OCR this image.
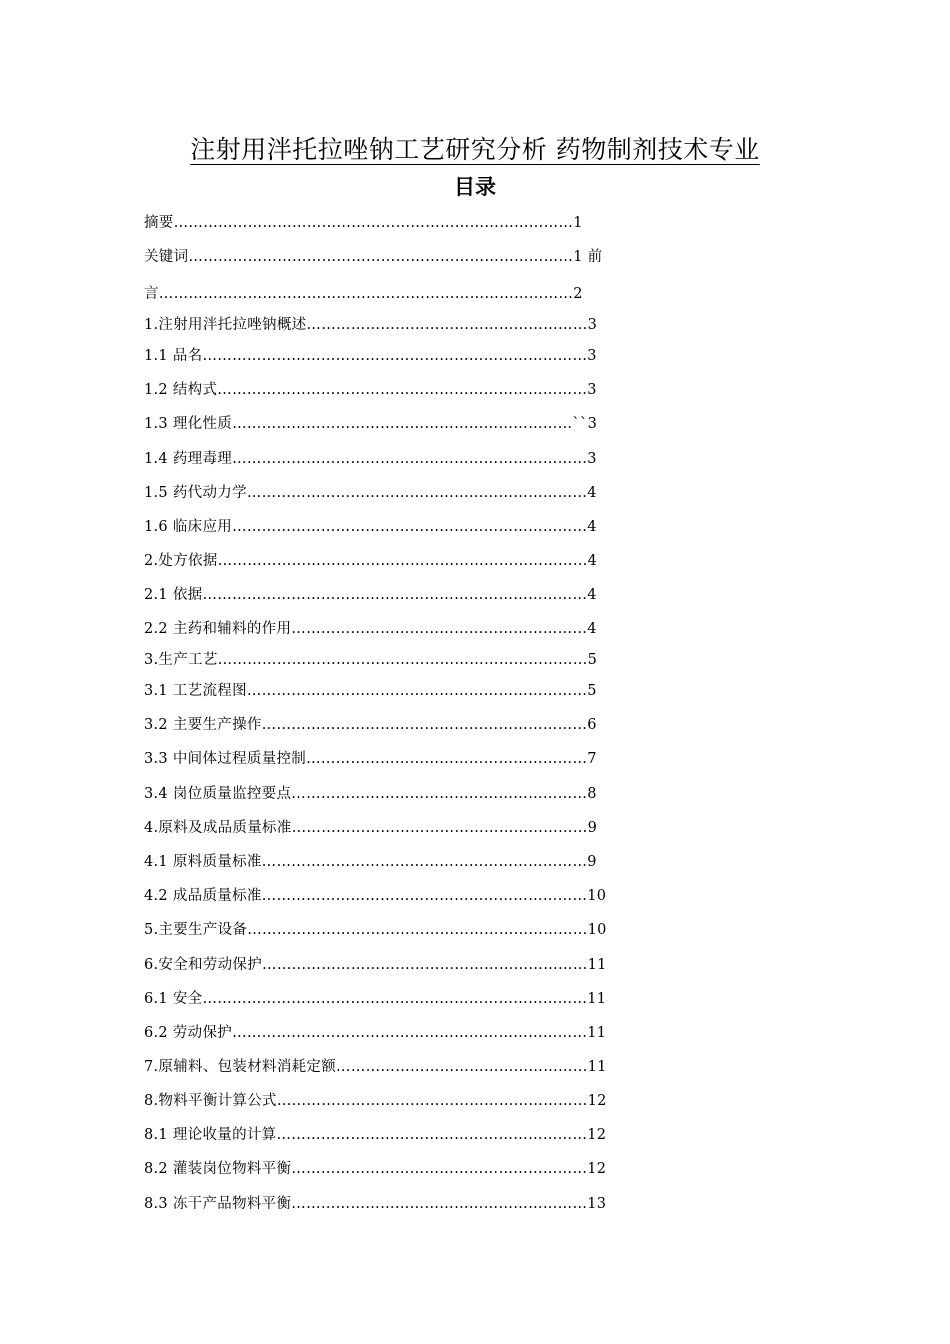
注射用泮托拉唑钠工艺研究分析 药物制剂技术专业
目录
摘要………………………………………………………………………1
关键词……………………………………………………………………1 前
言…………………………………………………………………………2
1.注射用泮托拉唑钠概述…………………………………………………3
1.1 品名……………………………………………………………………3
1.2 结构式…………………………………………………………………3
1.3 理化性质……………………………………………………………``3
1.4 药理毒理………………………………………………………………3
1.5 药代动力学……………………………………………………………4
1.6 临床应用………………………………………………………………4
2.处方依据…………………………………………………………………4
2.1 依据……………………………………………………………………4
2.2 主药和辅料的作用……………………………………………………4
3.生产工艺…………………………………………………………………5
3.1 工艺流程图……………………………………………………………5
3.2 主要生产操作…………………………………………………………6
3.3 中间体过程质量控制…………………………………………………7
3.4 岗位质量监控要点……………………………………………………8
4.原料及成品质量标准……………………………………………………9
4.1 原料质量标准…………………………………………………………9
4.2 成品质量标准…………………………………………………………10
5.主要生产设备……………………………………………………………10
6.安全和劳动保护…………………………………………………………11
6.1 安全……………………………………………………………………11
6.2 劳动保护………………………………………………………………11
7.原辅料、包装材料消耗定额……………………………………………11
8.物料平衡计算公式………………………………………………………12
8.1 理论收量的计算………………………………………………………12
8.2 灌装岗位物料平衡……………………………………………………12
8.3 冻干产品物料平衡……………………………………………………13
